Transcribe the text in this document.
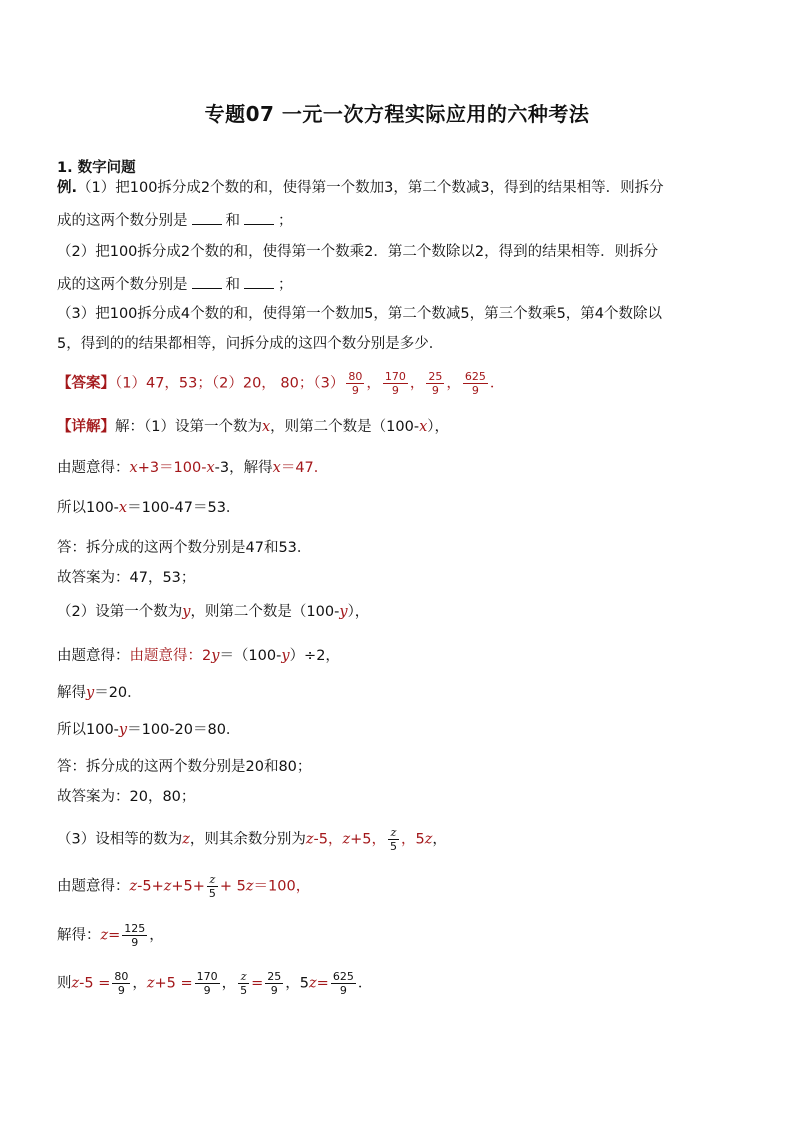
专题07 一元一次方程实际应用的六种考法
1. 数字问题
例.（1）把100拆分成2个数的和，使得第一个数加3，第二个数减3，得到的结果相等．则拆分
成的这两个数分别是	和	；
（2）把100拆分成2个数的和，使得第一个数乘2．第二个数除以2，得到的结果相等．则拆分
成的这两个数分别是	和	；
（3）把100拆分成4个数的和，使得第一个数加5，第二个数减5，第三个数乘5，第4个数除以
5，得到的的结果都相等，问拆分成的这四个数分别是多少．
【答案】（1）47，53；（2）20， 80；$(3) \frac{80}{9}$ ， $\frac{170}{9}$ ， $\frac{25}{9}$ ， $\frac{625}{9}$ ．
【详解】解：（1）设第一个数为x，则第二个数是（100-x），
由题意得：x+3＝100-x-3，解得x＝47．
所以100-x＝100-47＝53．
答：拆分成的这两个数分别是47和53．
故答案为：47，53；
（2）设第一个数为y，则第二个数是（100-y），
由题意得：由题意得：2y＝（100-y）÷2，
解得y＝20．
所以100-y＝100-20＝80．
答：拆分成的这两个数分别是20和80；
故答案为：20，80；
（3）设相等的数为z，则其余数分别为z-5，z+5， $\frac{z}{5}$ ，5z，
由题意得：$z-5+z+5+ \frac{z}{5} + 5z=100$，
解得：$z= \frac{125}{9}$ ，
则$z-5 = \frac{80}{9}$ ，$z+5 = \frac{170}{9}$ ， $\frac{z}{5} = \frac{25}{9}$ ，$5z= \frac{625}{9}$ ．
